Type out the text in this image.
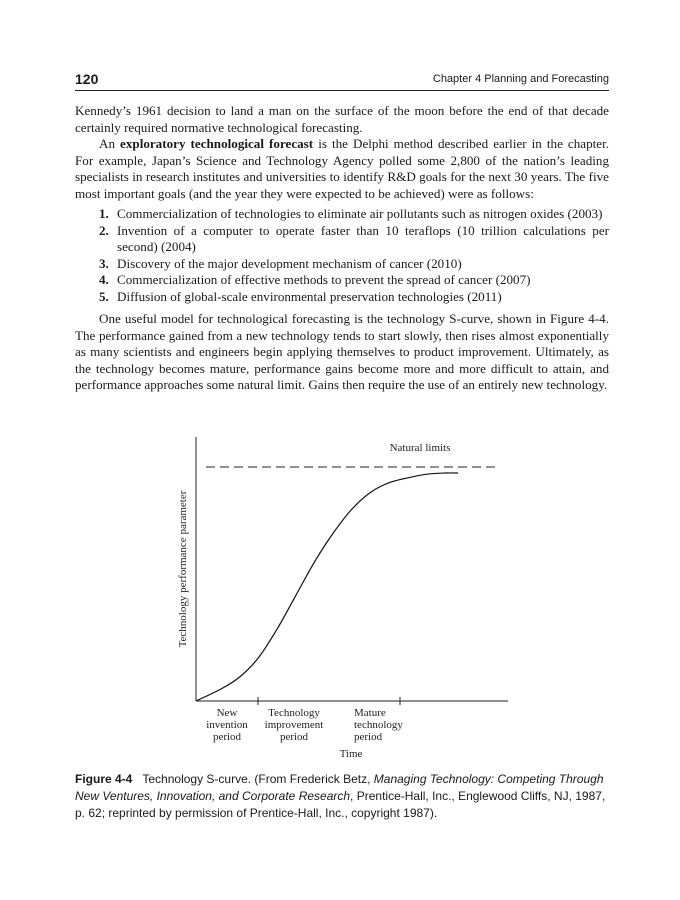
120	Chapter 4 Planning and Forecasting

Kennedy’s 1961 decision to land a man on the surface of the moon before the end of that decade certainly required normative technological forecasting.

An exploratory technological forecast is the Delphi method described earlier in the chapter. For example, Japan’s Science and Technology Agency polled some 2,800 of the nation’s leading specialists in research institutes and universities to identify R&D goals for the next 30 years. The five most important goals (and the year they were expected to be achieved) were as follows:

1. Commercialization of technologies to eliminate air pollutants such as nitrogen oxides (2003)
2. Invention of a computer to operate faster than 10 teraflops (10 trillion calculations per second) (2004)
3. Discovery of the major development mechanism of cancer (2010)
4. Commercialization of effective methods to prevent the spread of cancer (2007)
5. Diffusion of global-scale environmental preservation technologies (2011)

One useful model for technological forecasting is the technology S-curve, shown in Figure 4-4. The performance gained from a new technology tends to start slowly, then rises almost exponentially as many scientists and engineers begin applying themselves to product improvement. Ultimately, as the technology becomes mature, performance gains become more and more difficult to attain, and performance approaches some natural limit. Gains then require the use of an entirely new technology.

Natural limits
Technology performance parameter
New
invention
period
Technology
improvement
period
Mature
technology
period
Time
Figure 4-4 Technology S-curve. (From Frederick Betz, Managing Technology: Competing Through New Ventures, Innovation, and Corporate Research, Prentice-Hall, Inc., Englewood Cliffs, NJ, 1987, p. 62; reprinted by permission of Prentice-Hall, Inc., copyright 1987).
